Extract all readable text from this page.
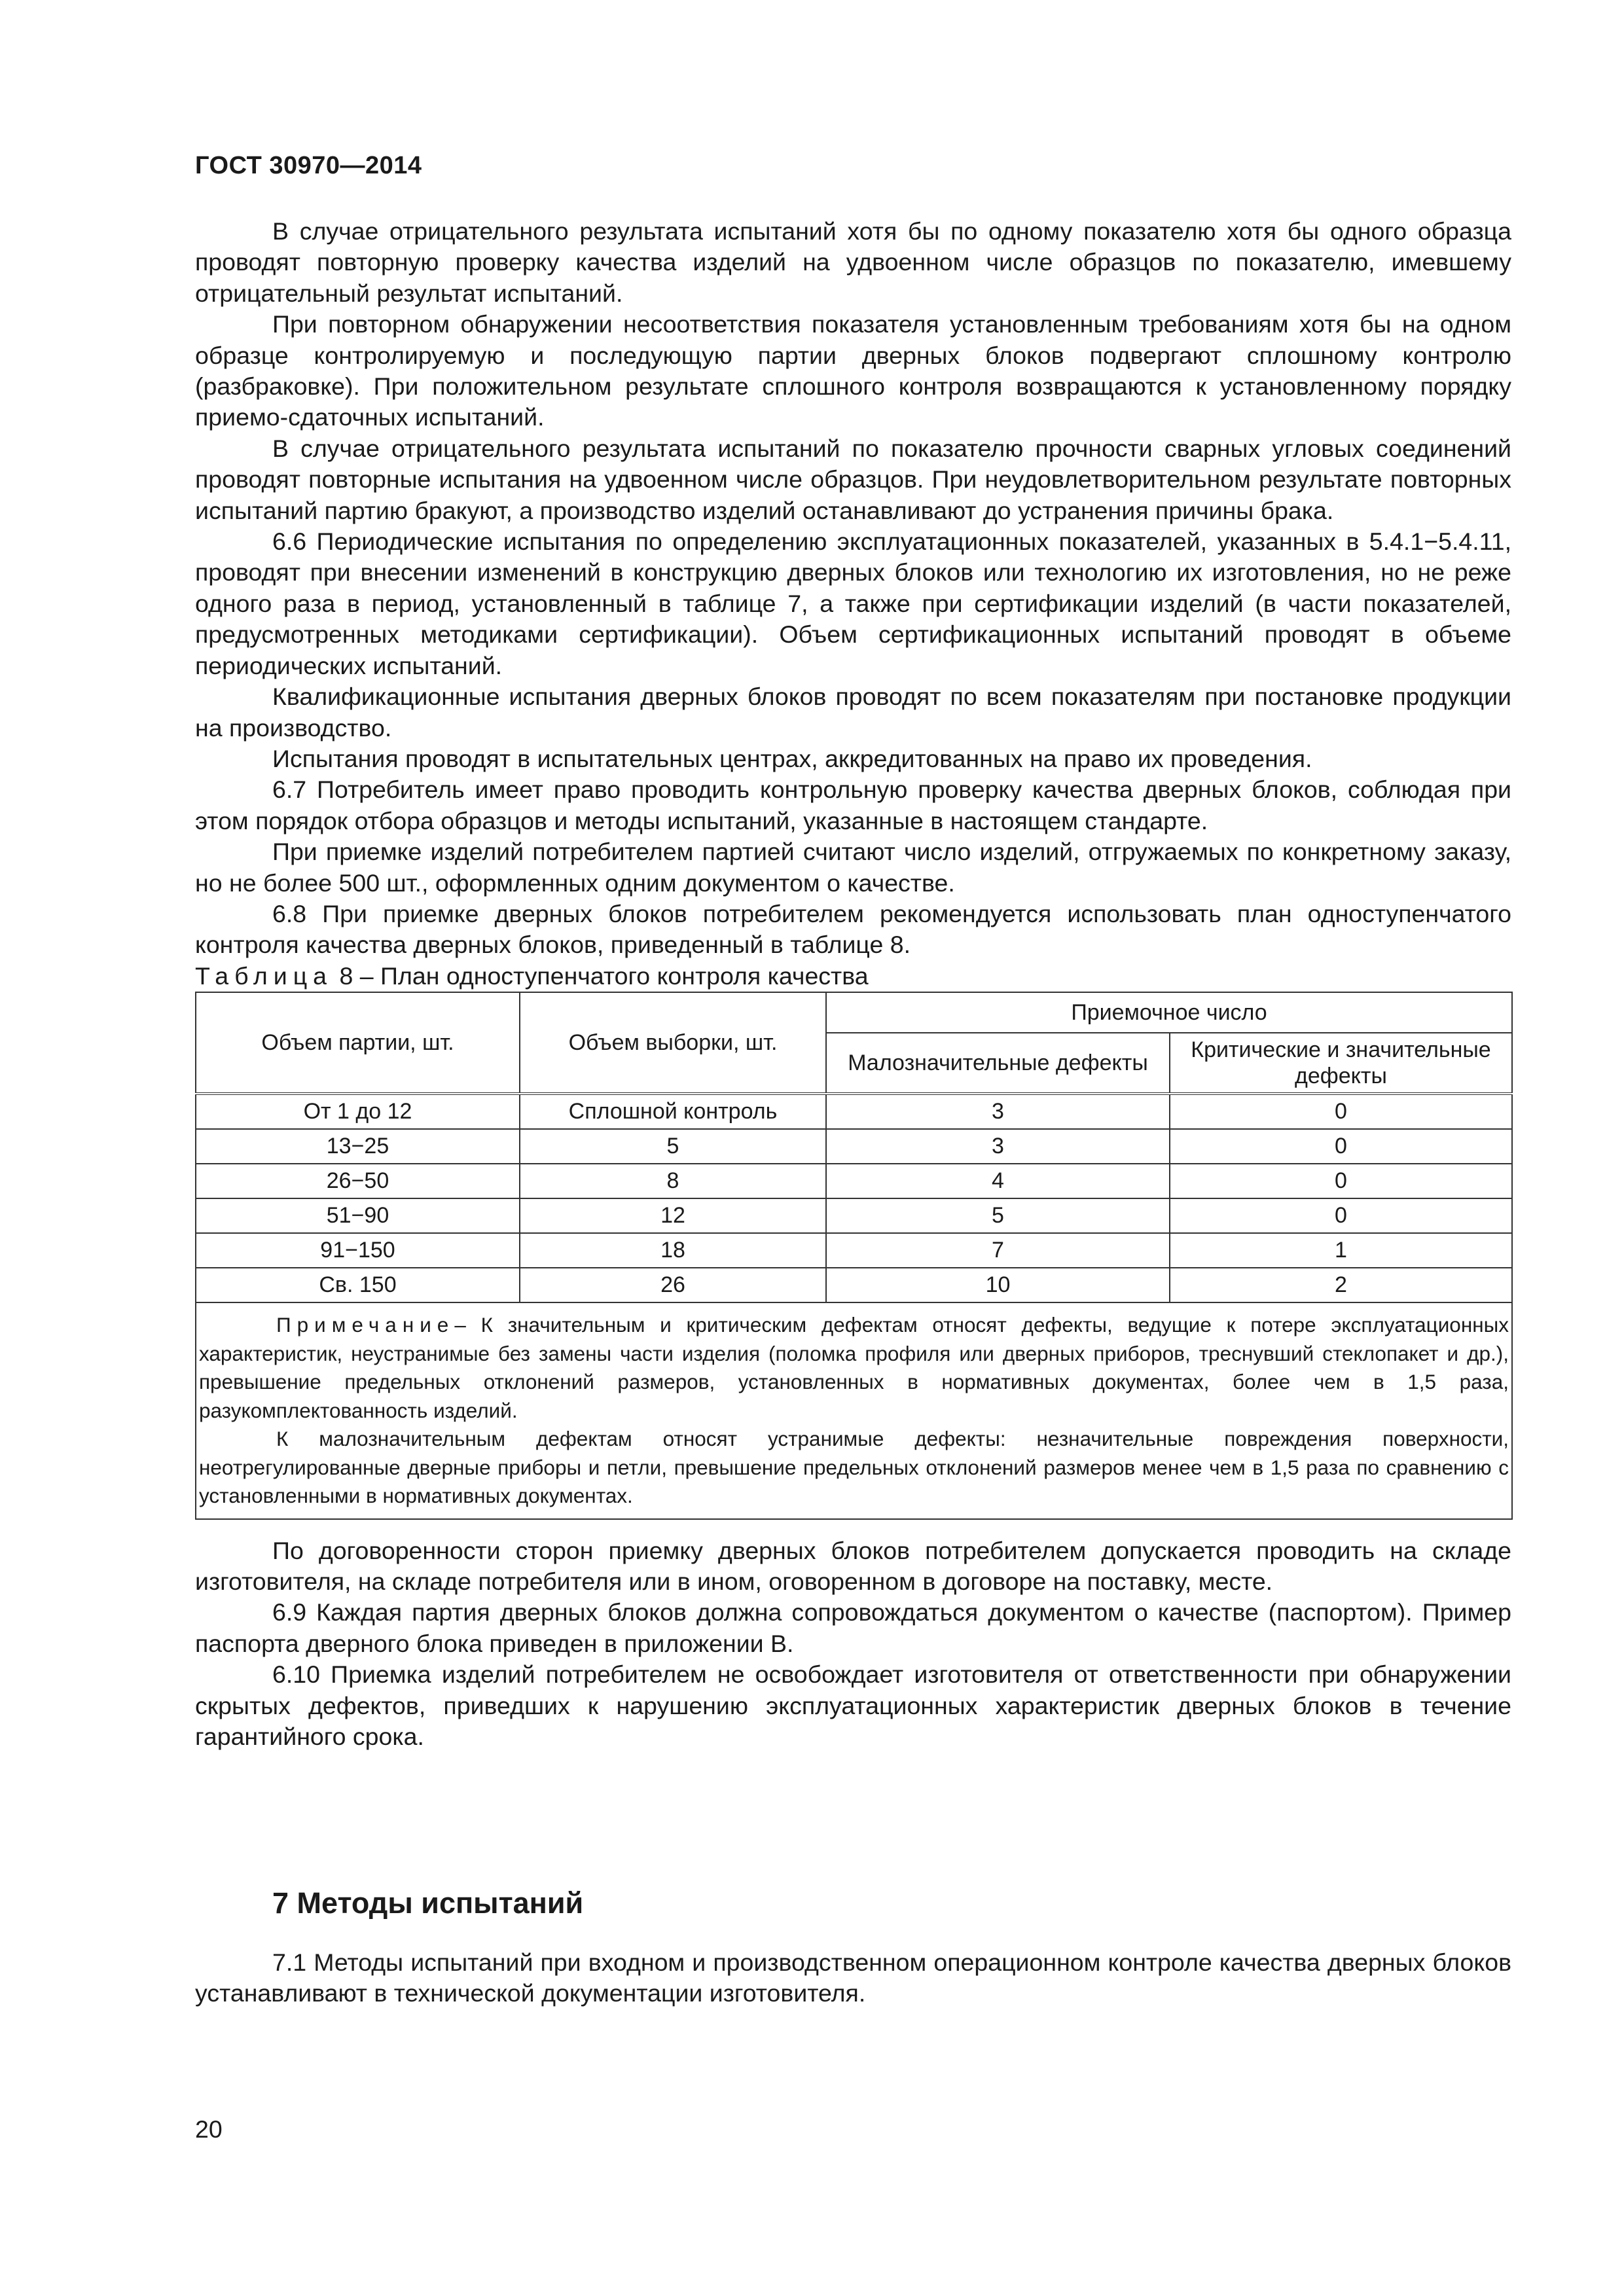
ГОСТ 30970—2014

В случае отрицательного результата испытаний хотя бы по одному показателю хотя бы одного образца проводят повторную проверку качества изделий на удвоенном числе образцов по показателю, имевшему отрицательный результат испытаний.

При повторном обнаружении несоответствия показателя установленным требованиям хотя бы на одном образце контролируемую и последующую партии дверных блоков подвергают сплошному контролю (разбраковке). При положительном результате сплошного контроля возвращаются к установленному порядку приемо-сдаточных испытаний.

В случае отрицательного результата испытаний по показателю прочности сварных угловых соединений проводят повторные испытания на удвоенном числе образцов. При неудовлетворительном результате повторных испытаний партию бракуют, а производство изделий останавливают до устранения причины брака.

6.6 Периодические испытания по определению эксплуатационных показателей, указанных в 5.4.1−5.4.11, проводят при внесении изменений в конструкцию дверных блоков или технологию их изготовления, но не реже одного раза в период, установленный в таблице 7, а также при сертификации изделий (в части показателей, предусмотренных методиками сертификации). Объем сертификационных испытаний проводят в объеме периодических испытаний.

Квалификационные испытания дверных блоков проводят по всем показателям при постановке продукции на производство.

Испытания проводят в испытательных центрах, аккредитованных на право их проведения.

6.7 Потребитель имеет право проводить контрольную проверку качества дверных блоков, соблюдая при этом порядок отбора образцов и методы испытаний, указанные в настоящем стандарте.

При приемке изделий потребителем партией считают число изделий, отгружаемых по конкретному заказу, но не более 500 шт., оформленных одним документом о качестве.

6.8 При приемке дверных блоков потребителем рекомендуется использовать план одноступенчатого контроля качества дверных блоков, приведенный в таблице 8.

Таблица 8 – План одноступенчатого контроля качества

Объем партии, шт.	Объем выборки, шт.	Приемочное число	
		Малозначительные дефекты	Критические и значительные дефекты
От 1 до 12	Сплошной контроль	3	0
13−25	5	3	0
26−50	8	4	0
51−90	12	5	0
91−150	18	7	1
Св. 150	26	10	2

Примечание– К значительным и критическим дефектам относят дефекты, ведущие к потере эксплуатационных характеристик, неустранимые без замены части изделия (поломка профиля или дверных приборов, треснувший стеклопакет и др.), превышение предельных отклонений размеров, установленных в нормативных документах, более чем в 1,5 раза, разукомплектованность изделий.

К малозначительным дефектам относят устранимые дефекты: незначительные повреждения поверхности, неотрегулированные дверные приборы и петли, превышение предельных отклонений размеров менее чем в 1,5 раза по сравнению с установленными в нормативных документах.			

По договоренности сторон приемку дверных блоков потребителем допускается проводить на складе изготовителя, на складе потребителя или в ином, оговоренном в договоре на поставку, месте.

6.9 Каждая партия дверных блоков должна сопровождаться документом о качестве (паспортом). Пример паспорта дверного блока приведен в приложении В.

6.10 Приемка изделий потребителем не освобождает изготовителя от ответственности при обнаружении скрытых дефектов, приведших к нарушению эксплуатационных характеристик дверных блоков в течение гарантийного срока.

7 Методы испытаний

7.1 Методы испытаний при входном и производственном операционном контроле качества дверных блоков устанавливают в технической документации изготовителя.

20
